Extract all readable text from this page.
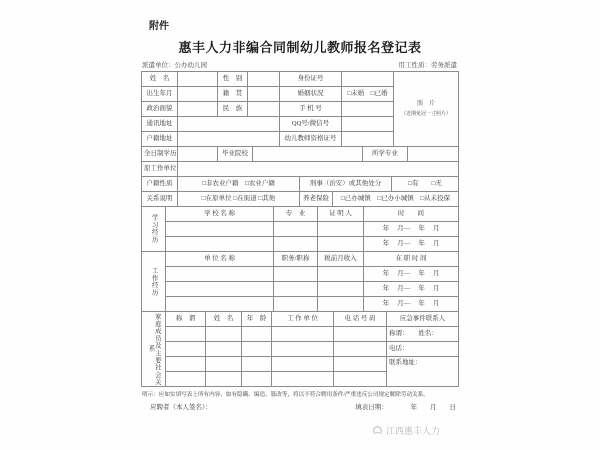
附件
惠丰人力非编合同制幼儿教师报名登记表
派遣单位：公办幼儿园	用工性质：劳务派遣
姓　名		性　别		身份证号		照　片
（近期免冠一寸照片）

出生年月		籍　贯		婚姻状况	□未婚　□已婚	
政治面貌		民　族		手 机 号		
通讯地址				QQ号/微信号		
户籍地址				幼儿教师资格证号		
全日制学历		毕业院校		所学专业	
原工作单位	
户籍性质	□非农业户籍　□农业户籍	刑事（治安）或其他处分	□有　　□无
关系说明	□在原单位 □在街道 □其他	养老保险	□已办城镇　□已办小城镇　□从未投保
学习经历	学 校 名 称	专　业	证 明 人	时　　间
				年　 月—　 年　 月
				年　 月—　 年　 月
工作经历	单 位 名 称	职务/职称	税前月收入	在 职 时 间
				年　 月—　 年　 月
				年　 月—　 年　 月
				年　 月—　 年　 月
家庭成员及主要社会关系	称　谓	姓　名	年　龄	工 作 单 位	电 话 号 码	应急事件联系人
						称谓：　　姓名：
						电话：
						联系地址：

明示：应如实填写表上所有内容，如有隐瞒、编造、篡改等，将以不符合聘用条件/严重违反公司规定解除劳动关系。
应聘者（本人签名）：	填表日期：　　　　年　　月　　日
江西惠丰人力
